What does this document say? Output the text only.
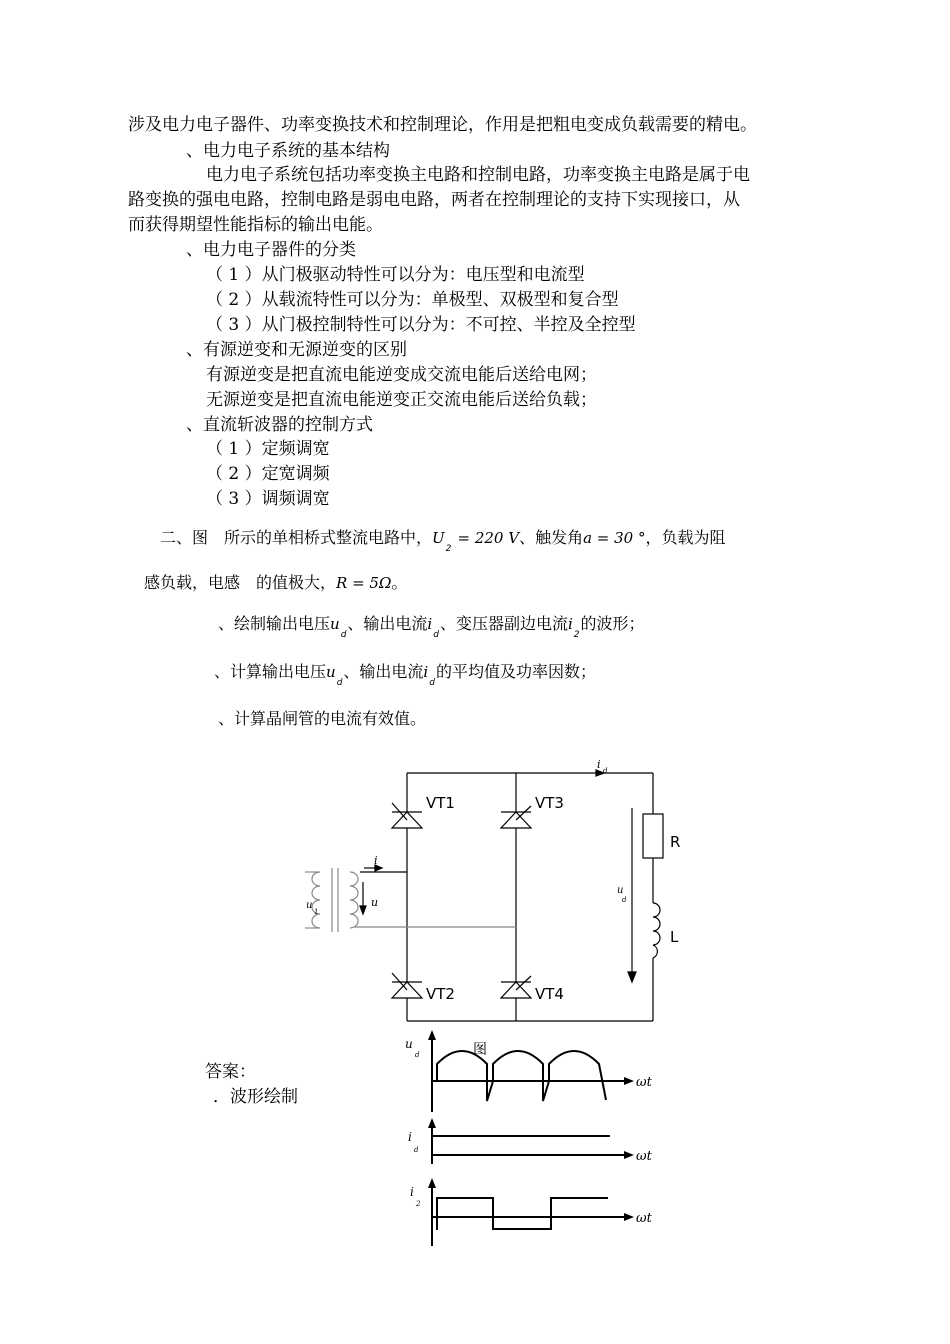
涉及电力电子器件、功率变换技术和控制理论，作用是把粗电变成负载需要的精电。
、电力电子系统的基本结构
电力电子系统包括功率变换主电路和控制电路，功率变换主电路是属于电
路变换的强电电路，控制电路是弱电电路，两者在控制理论的支持下实现接口，从
而获得期望性能指标的输出电能。
、电力电子器件的分类
（ 1 ）从门极驱动特性可以分为：电压型和电流型
（ 2 ）从载流特性可以分为：单极型、双极型和复合型
（ 3 ）从门极控制特性可以分为：不可控、半控及全控型
、有源逆变和无源逆变的区别
有源逆变是把直流电能逆变成交流电能后送给电网；
无源逆变是把直流电能逆变正交流电能后送给负载；
、直流斩波器的控制方式
（ 1 ）定频调宽
（ 2 ）定宽调频
（ 3 ）调频调宽
二、图　所示的单相桥式整流电路中，$U_2 = 220$ V、触发角a = 30 °，负载为阻
感负载，电感　的值极大，R = 5Ω。
、绘制输出电压$u_d$、输出电流$i_d$、变压器副边电流$i_2$的波形；
、计算输出电压$u_d$、输出电流$i_d$的平均值及功率因数；
、计算晶闸管的电流有效值。
答案：
．波形绘制
VT1	VT3
VT2	VT4
R
L
i d
u
d
i
u
u
1
图
u
d
i
d
i
2
ωt
ωt
ωt
